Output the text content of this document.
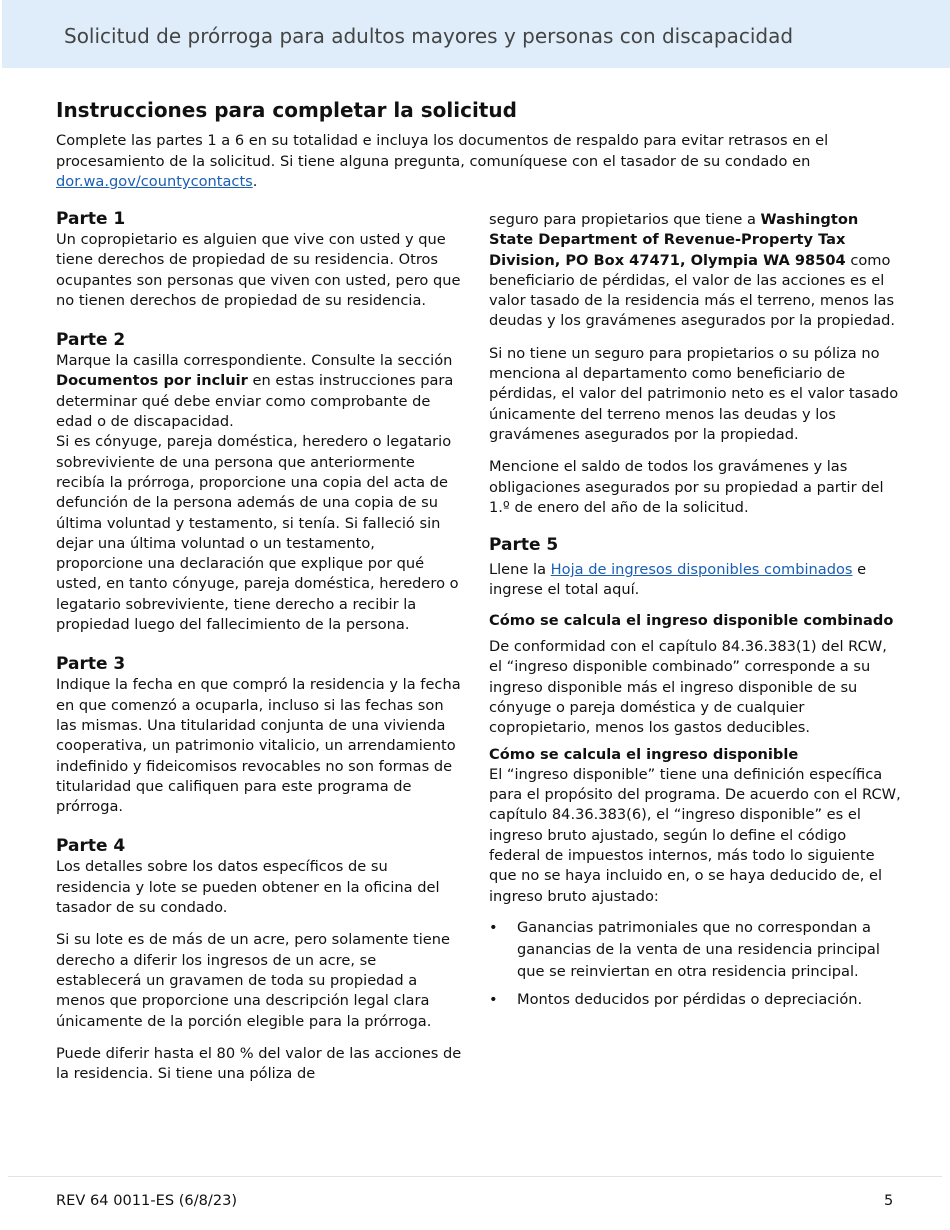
Solicitud de prórroga para adultos mayores y personas con discapacidad
Instrucciones para completar la solicitud

Complete las partes 1 a 6 en su totalidad e incluya los documentos de respaldo para evitar retrasos en el procesamiento de la solicitud. Si tiene alguna pregunta, comuníquese con el tasador de su condado en dor.wa.gov/countycontacts.

Parte 1

Un copropietario es alguien que vive con usted y que tiene derechos de propiedad de su residencia. Otros ocupantes son personas que viven con usted, pero que no tienen derechos de propiedad de su residencia.

Parte 2

Marque la casilla correspondiente. Consulte la sección Documentos por incluir en estas instrucciones para determinar qué debe enviar como comprobante de edad o de discapacidad.

Si es cónyuge, pareja doméstica, heredero o legatario sobreviviente de una persona que anteriormente recibía la prórroga, proporcione una copia del acta de defunción de la persona además de una copia de su última voluntad y testamento, si tenía. Si falleció sin dejar una última voluntad o un testamento, proporcione una declaración que explique por qué usted, en tanto cónyuge, pareja doméstica, heredero o legatario sobreviviente, tiene derecho a recibir la propiedad luego del fallecimiento de la persona.

Parte 3

Indique la fecha en que compró la residencia y la fecha en que comenzó a ocuparla, incluso si las fechas son las mismas. Una titularidad conjunta de una vivienda cooperativa, un patrimonio vitalicio, un arrendamiento indefinido y fideicomisos revocables no son formas de titularidad que califiquen para este programa de prórroga.

Parte 4

Los detalles sobre los datos específicos de su residencia y lote se pueden obtener en la oficina del tasador de su condado.

Si su lote es de más de un acre, pero solamente tiene derecho a diferir los ingresos de un acre, se establecerá un gravamen de toda su propiedad a menos que proporcione una descripción legal clara únicamente de la porción elegible para la prórroga.

Puede diferir hasta el 80 % del valor de las acciones de la residencia. Si tiene una póliza de

seguro para propietarios que tiene a Washington State Department of Revenue-Property Tax Division, PO Box 47471, Olympia WA 98504 como beneficiario de pérdidas, el valor de las acciones es el valor tasado de la residencia más el terreno, menos las deudas y los gravámenes asegurados por la propiedad.

Si no tiene un seguro para propietarios o su póliza no menciona al departamento como beneficiario de pérdidas, el valor del patrimonio neto es el valor tasado únicamente del terreno menos las deudas y los gravámenes asegurados por la propiedad.

Mencione el saldo de todos los gravámenes y las obligaciones asegurados por su propiedad a partir del 1.º de enero del año de la solicitud.

Parte 5

Llene la Hoja de ingresos disponibles combinados e ingrese el total aquí.

Cómo se calcula el ingreso disponible combinado

De conformidad con el capítulo 84.36.383(1) del RCW, el “ingreso disponible combinado” corresponde a su ingreso disponible más el ingreso disponible de su cónyuge o pareja doméstica y de cualquier copropietario, menos los gastos deducibles.

Cómo se calcula el ingreso disponible

El “ingreso disponible” tiene una definición específica para el propósito del programa. De acuerdo con el RCW, capítulo 84.36.383(6), el “ingreso disponible” es el ingreso bruto ajustado, según lo define el código federal de impuestos internos, más todo lo siguiente que no se haya incluido en, o se haya deducido de, el ingreso bruto ajustado:

• Ganancias patrimoniales que no correspondan a ganancias de la venta de una residencia principal que se reinviertan en otra residencia principal.
• Montos deducidos por pérdidas o depreciación.
REV 64 0011-ES (6/8/23)	5
